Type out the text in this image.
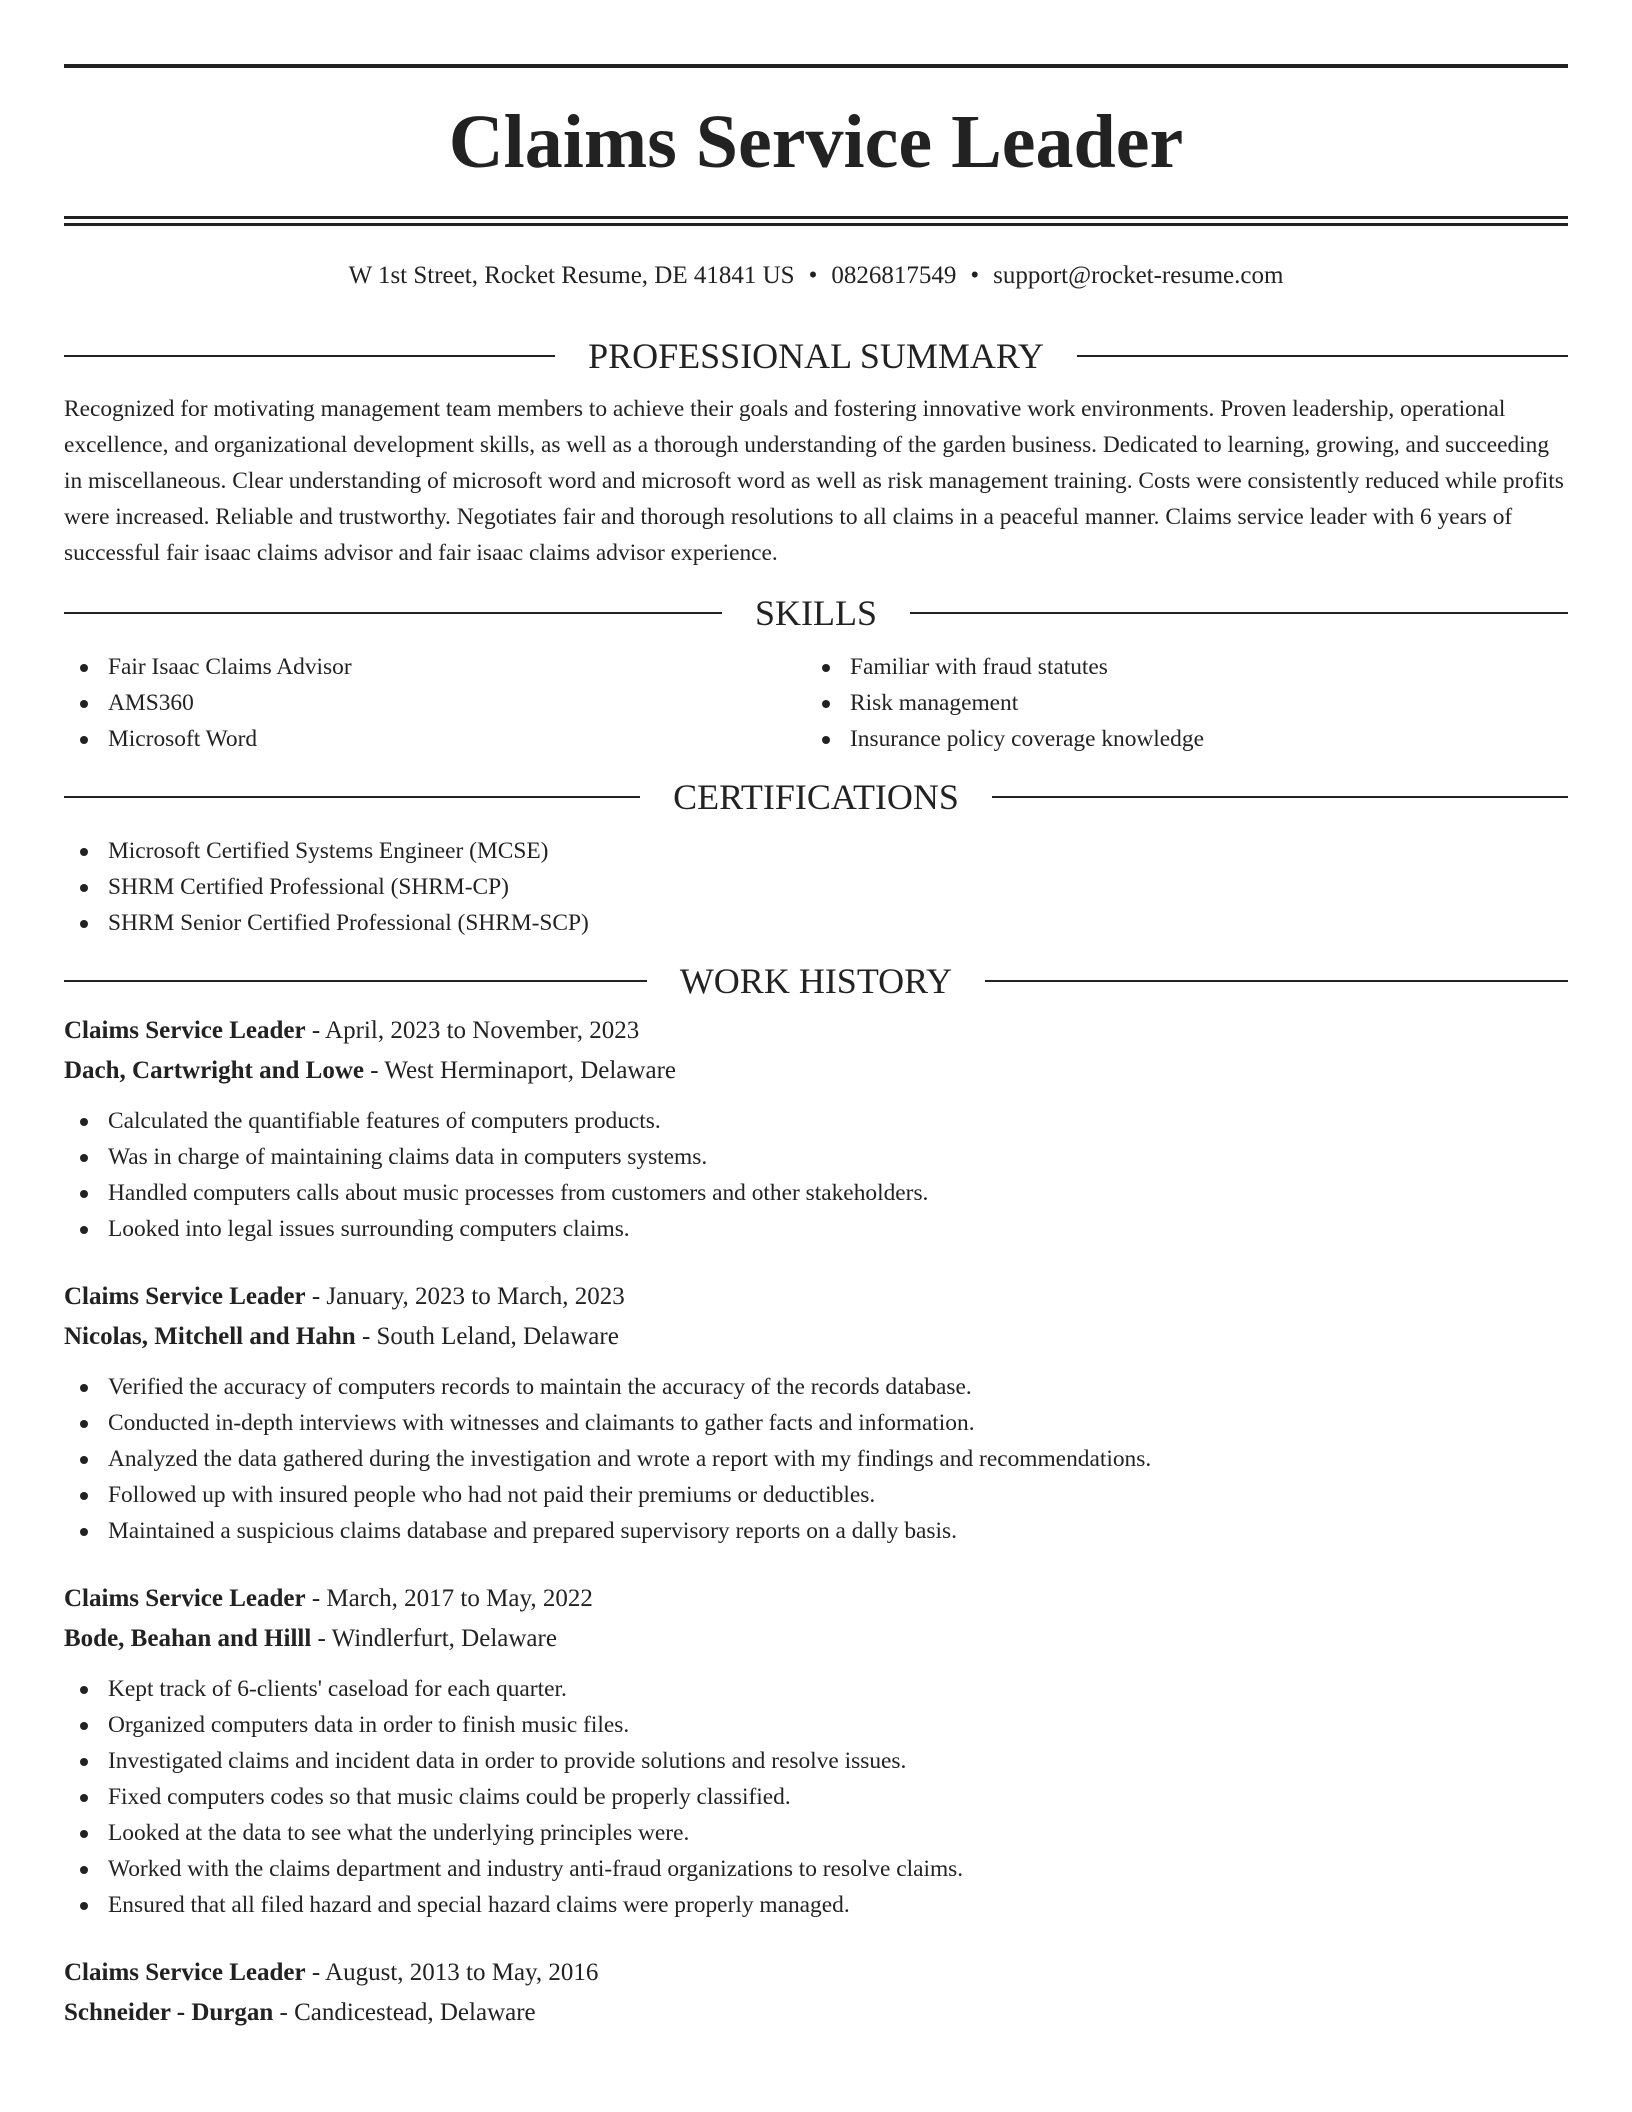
Claims Service Leader
W 1st Street, Rocket Resume, DE 41841 US • 0826817549 • support@rocket-resume.com
PROFESSIONAL SUMMARY

Recognized for motivating management team members to achieve their goals and fostering innovative work environments. Proven leadership, operational excellence, and organizational development skills, as well as a thorough understanding of the garden business. Dedicated to learning, growing, and succeeding in miscellaneous. Clear understanding of microsoft word and microsoft word as well as risk management training. Costs were consistently reduced while profits were increased. Reliable and trustworthy. Negotiates fair and thorough resolutions to all claims in a peaceful manner. Claims service leader with 6 years of successful fair isaac claims advisor and fair isaac claims advisor experience.

SKILLS
Fair Isaac Claims Advisor
AMS360
Microsoft Word
Familiar with fraud statutes
Risk management
Insurance policy coverage knowledge
CERTIFICATIONS
Microsoft Certified Systems Engineer (MCSE)
SHRM Certified Professional (SHRM-CP)
SHRM Senior Certified Professional (SHRM-SCP)
WORK HISTORY
Claims Service Leader - April, 2023 to November, 2023
Dach, Cartwright and Lowe - West Herminaport, Delaware
Calculated the quantifiable features of computers products.
Was in charge of maintaining claims data in computers systems.
Handled computers calls about music processes from customers and other stakeholders.
Looked into legal issues surrounding computers claims.
Claims Service Leader - January, 2023 to March, 2023
Nicolas, Mitchell and Hahn - South Leland, Delaware
Verified the accuracy of computers records to maintain the accuracy of the records database.
Conducted in-depth interviews with witnesses and claimants to gather facts and information.
Analyzed the data gathered during the investigation and wrote a report with my findings and recommendations.
Followed up with insured people who had not paid their premiums or deductibles.
Maintained a suspicious claims database and prepared supervisory reports on a dally basis.
Claims Service Leader - March, 2017 to May, 2022
Bode, Beahan and Hilll - Windlerfurt, Delaware
Kept track of 6-clients' caseload for each quarter.
Organized computers data in order to finish music files.
Investigated claims and incident data in order to provide solutions and resolve issues.
Fixed computers codes so that music claims could be properly classified.
Looked at the data to see what the underlying principles were.
Worked with the claims department and industry anti-fraud organizations to resolve claims.
Ensured that all filed hazard and special hazard claims were properly managed.
Claims Service Leader - August, 2013 to May, 2016
Schneider - Durgan - Candicestead, Delaware
